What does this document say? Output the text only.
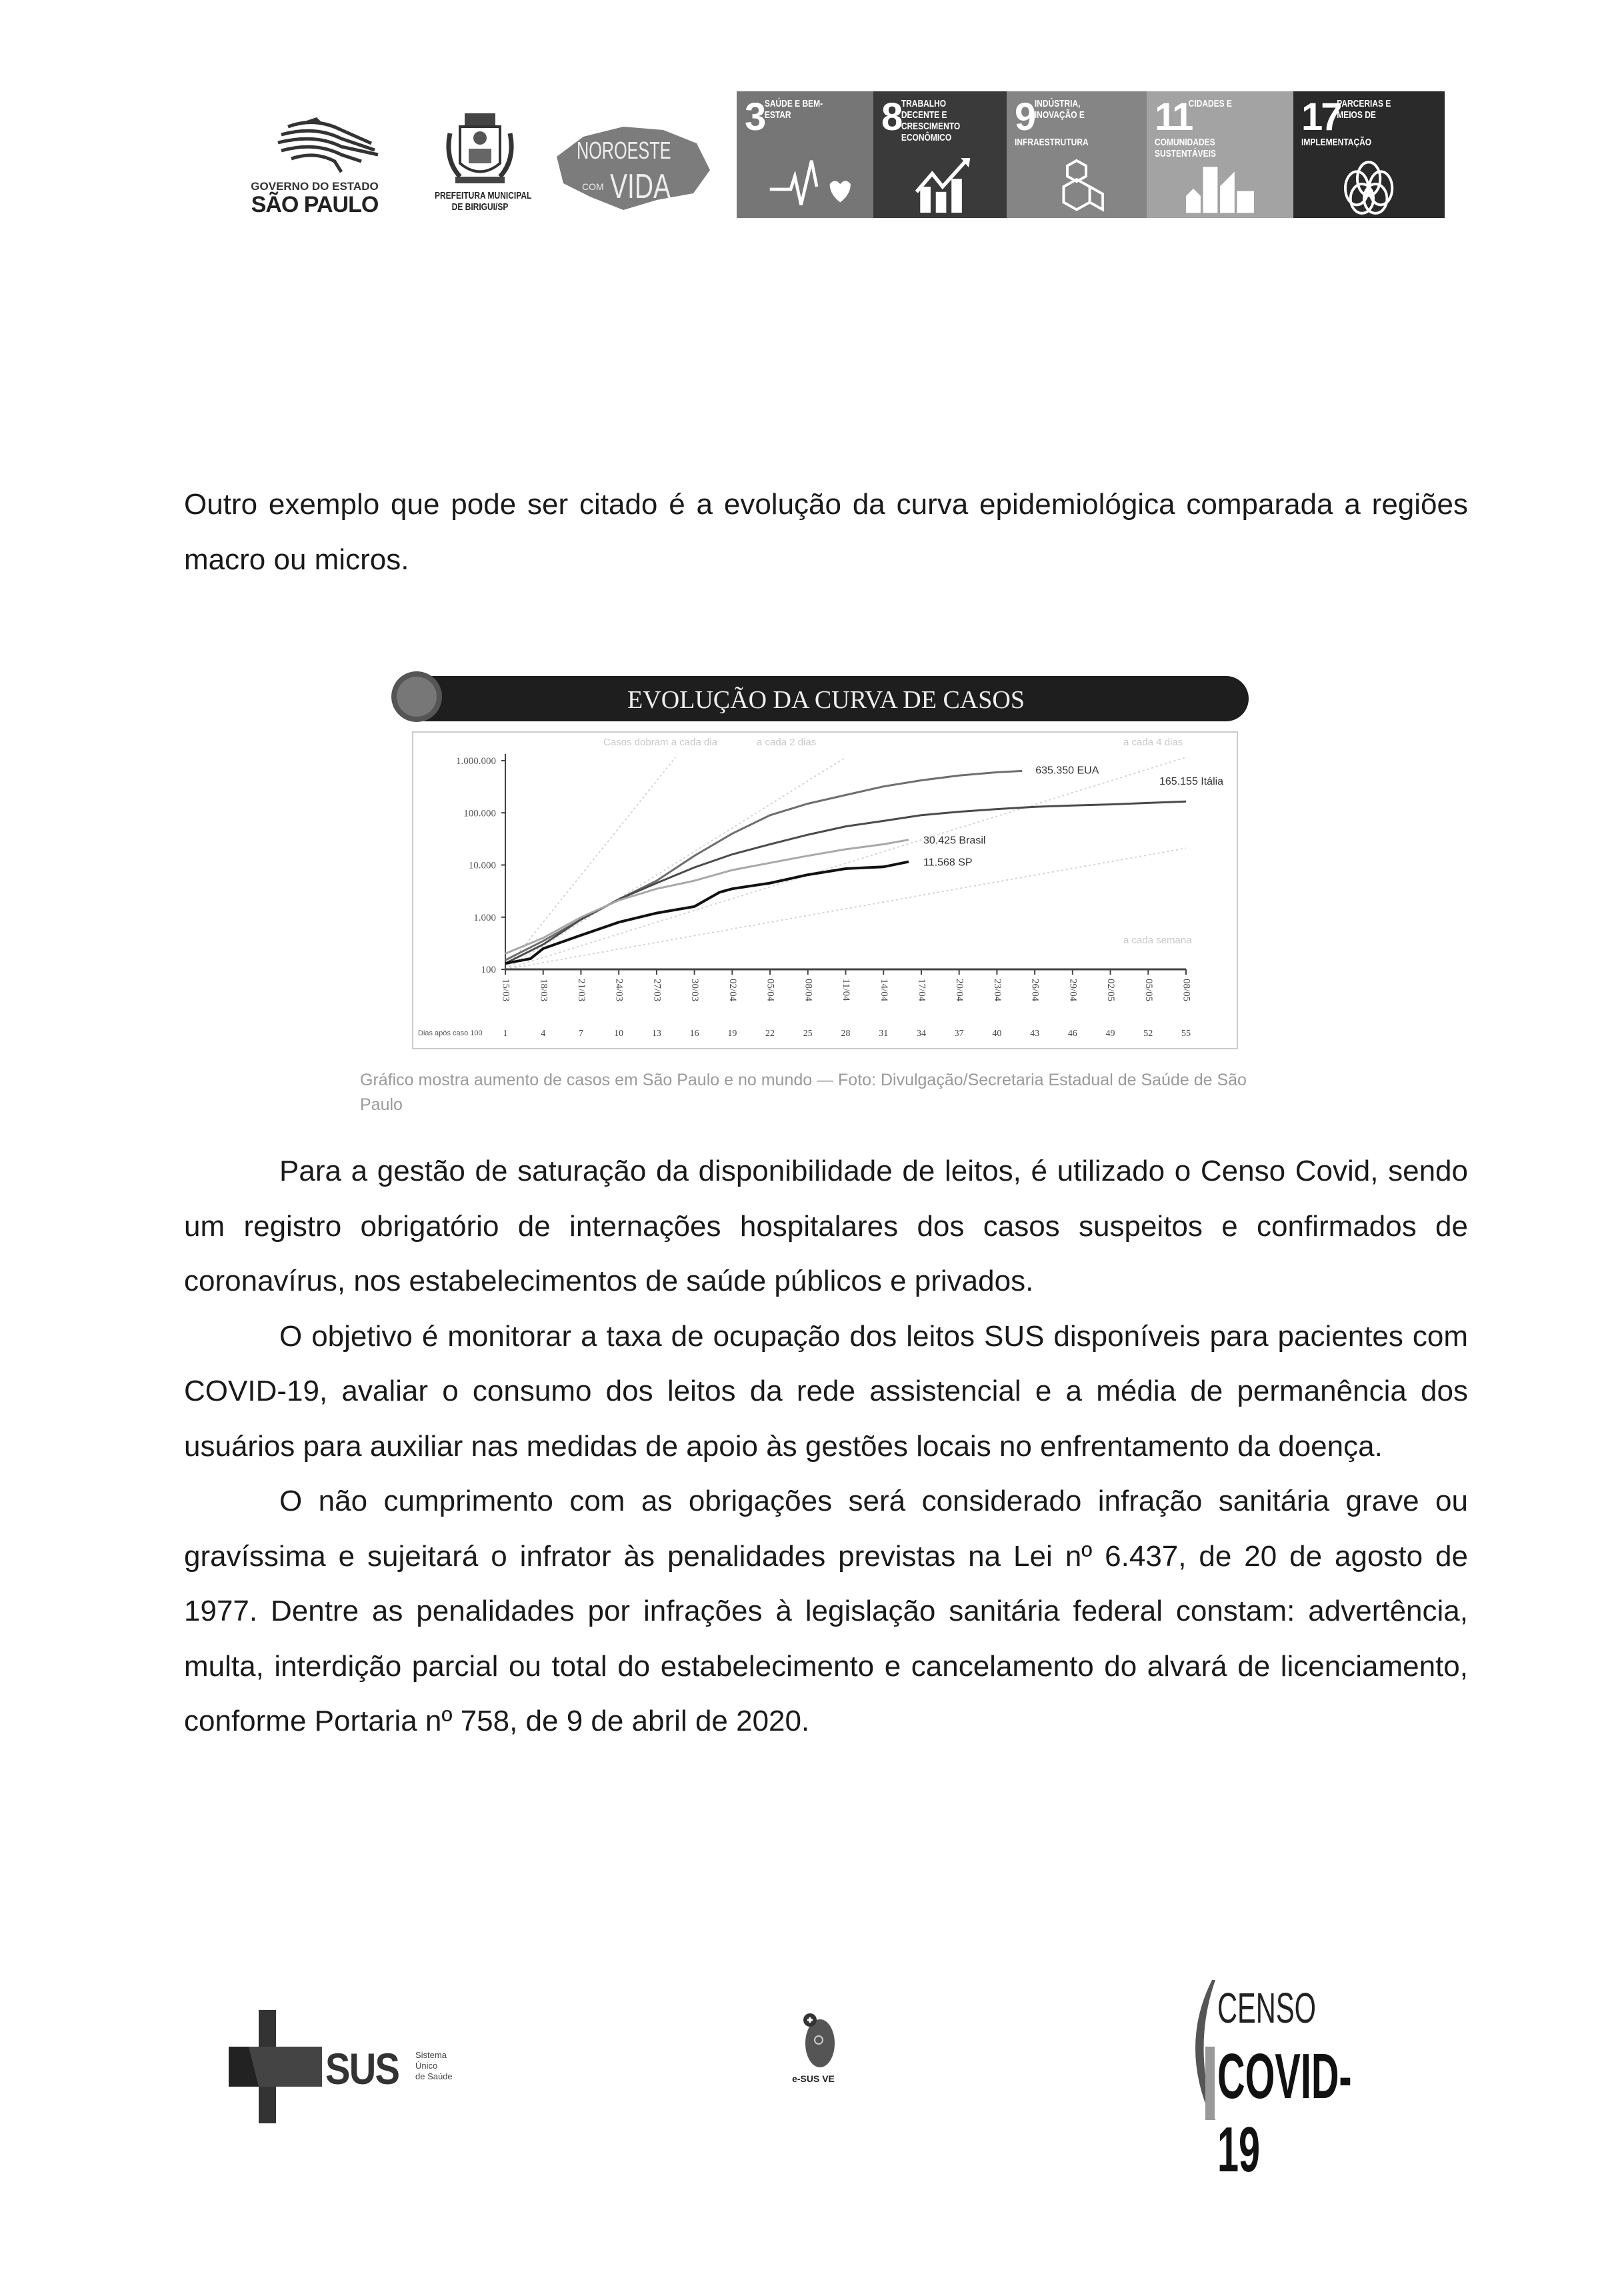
GOVERNO DO ESTADO
SÃO PAULO	PREFEITURA MUNICIPAL
DE BIRIGUI/SP
NOROESTE
COM VIDA
3 SAÚDE E BEM-ESTAR	8 TRABALHO DECENTE E CRESCIMENTO ECONÔMICO	9 INDÚSTRIA, INOVAÇÃO E INFRAESTRUTURA
11
CIDADES E COMUNIDADES SUSTENTÁVEIS
17
PARCERIAS E MEIOS DE IMPLEMENTAÇÃO

Outro exemplo que pode ser citado é a evolução da curva epidemiológica comparada a regiões macro ou micros.

EVOLUÇÃO DA CURVA DE CASOS
Casos dobram a cada dia	a cada 2 dias	a cada 4 dias
a cada semana
100
1.000
10.000
100.000
1.000.000
15/03
1
18/03
4
21/03
7
24/03
10
27/03
13
30/03
16
02/04
19
05/04
22
08/04
25
11/04
28
14/04
31
17/04
34
20/04
37
23/04
40
26/04
43
29/04
46
02/05
49
05/05
52
08/05
55
Dias após caso 100
635.350 EUA
165.155 Itália
30.425 Brasil
11.568 SP

Gráfico mostra aumento de casos em São Paulo e no mundo — Foto: Divulgação/Secretaria Estadual de Saúde de São Paulo

Para a gestão de saturação da disponibilidade de leitos, é utilizado o Censo Covid, sendo um registro obrigatório de internações hospitalares dos casos suspeitos e confirmados de coronavírus, nos estabelecimentos de saúde públicos e privados.

O objetivo é monitorar a taxa de ocupação dos leitos SUS disponíveis para pacientes com COVID-19, avaliar o consumo dos leitos da rede assistencial e a média de permanência dos usuários para auxiliar nas medidas de apoio às gestões locais no enfrentamento da doença.

O não cumprimento com as obrigações será considerado infração sanitária grave ou gravíssima e sujeitará o infrator às penalidades previstas na Lei nº 6.437, de 20 de agosto de 1977. Dentre as penalidades por infrações à legislação sanitária federal constam: advertência, multa, interdição parcial ou total do estabelecimento e cancelamento do alvará de licenciamento, conforme Portaria nº 758, de 9 de abril de 2020.

SUS Sistema
Único
de Saúde	e-SUS VE
CENSO
COVID-19
